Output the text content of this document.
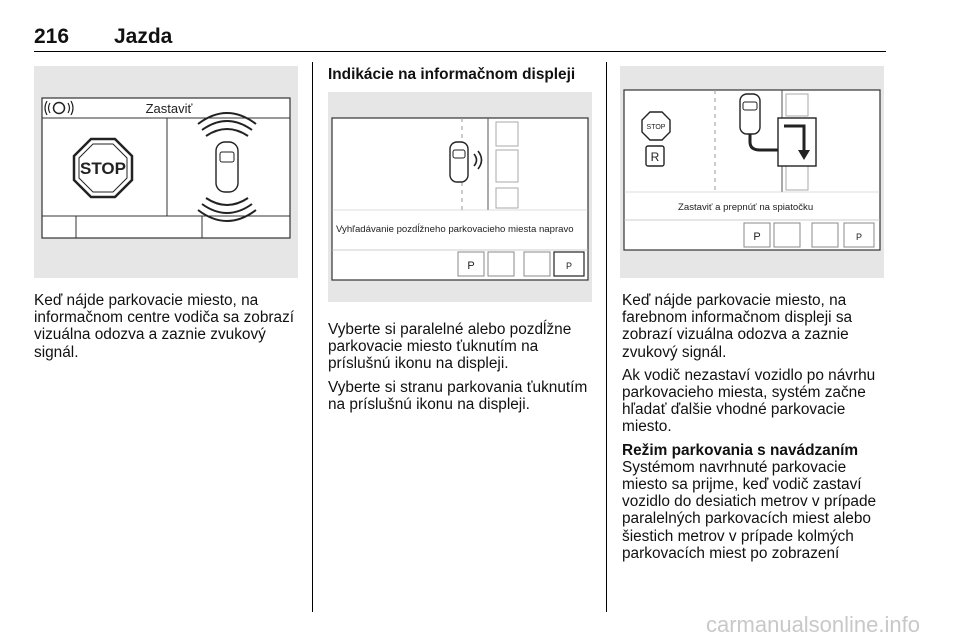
216 Jazda
Zastaviť
STOP

Keď nájde parkovacie miesto, na informačnom centre vodiča sa zobrazí vizuálna odozva a zaznie zvukový signál.

Indikácie na informačnom displeji
Vyhľadávanie pozdĺžneho parkovacieho miesta napravo
P	P

Vyberte si paralelné alebo pozdĺžne parkovacie miesto ťuknutím na príslušnú ikonu na displeji.

Vyberte si stranu parkovania ťuknutím na príslušnú ikonu na displeji.

STOP
R
Zastaviť a prepnúť na spiatočku
P	P

Keď nájde parkovacie miesto, na farebnom informačnom displeji sa zobrazí vizuálna odozva a zaznie zvukový signál.

Ak vodič nezastaví vozidlo po návrhu parkovacieho miesta, systém začne hľadať ďalšie vhodné parkovacie miesto.

Režim parkovania s navádzaním

Systémom navrhnuté parkovacie miesto sa prijme, keď vodič zastaví vozidlo do desiatich metrov v prípade paralelných parkovacích miest alebo šiestich metrov v prípade kolmých parkovacích miest po zobrazení

carmanualsonline.info
